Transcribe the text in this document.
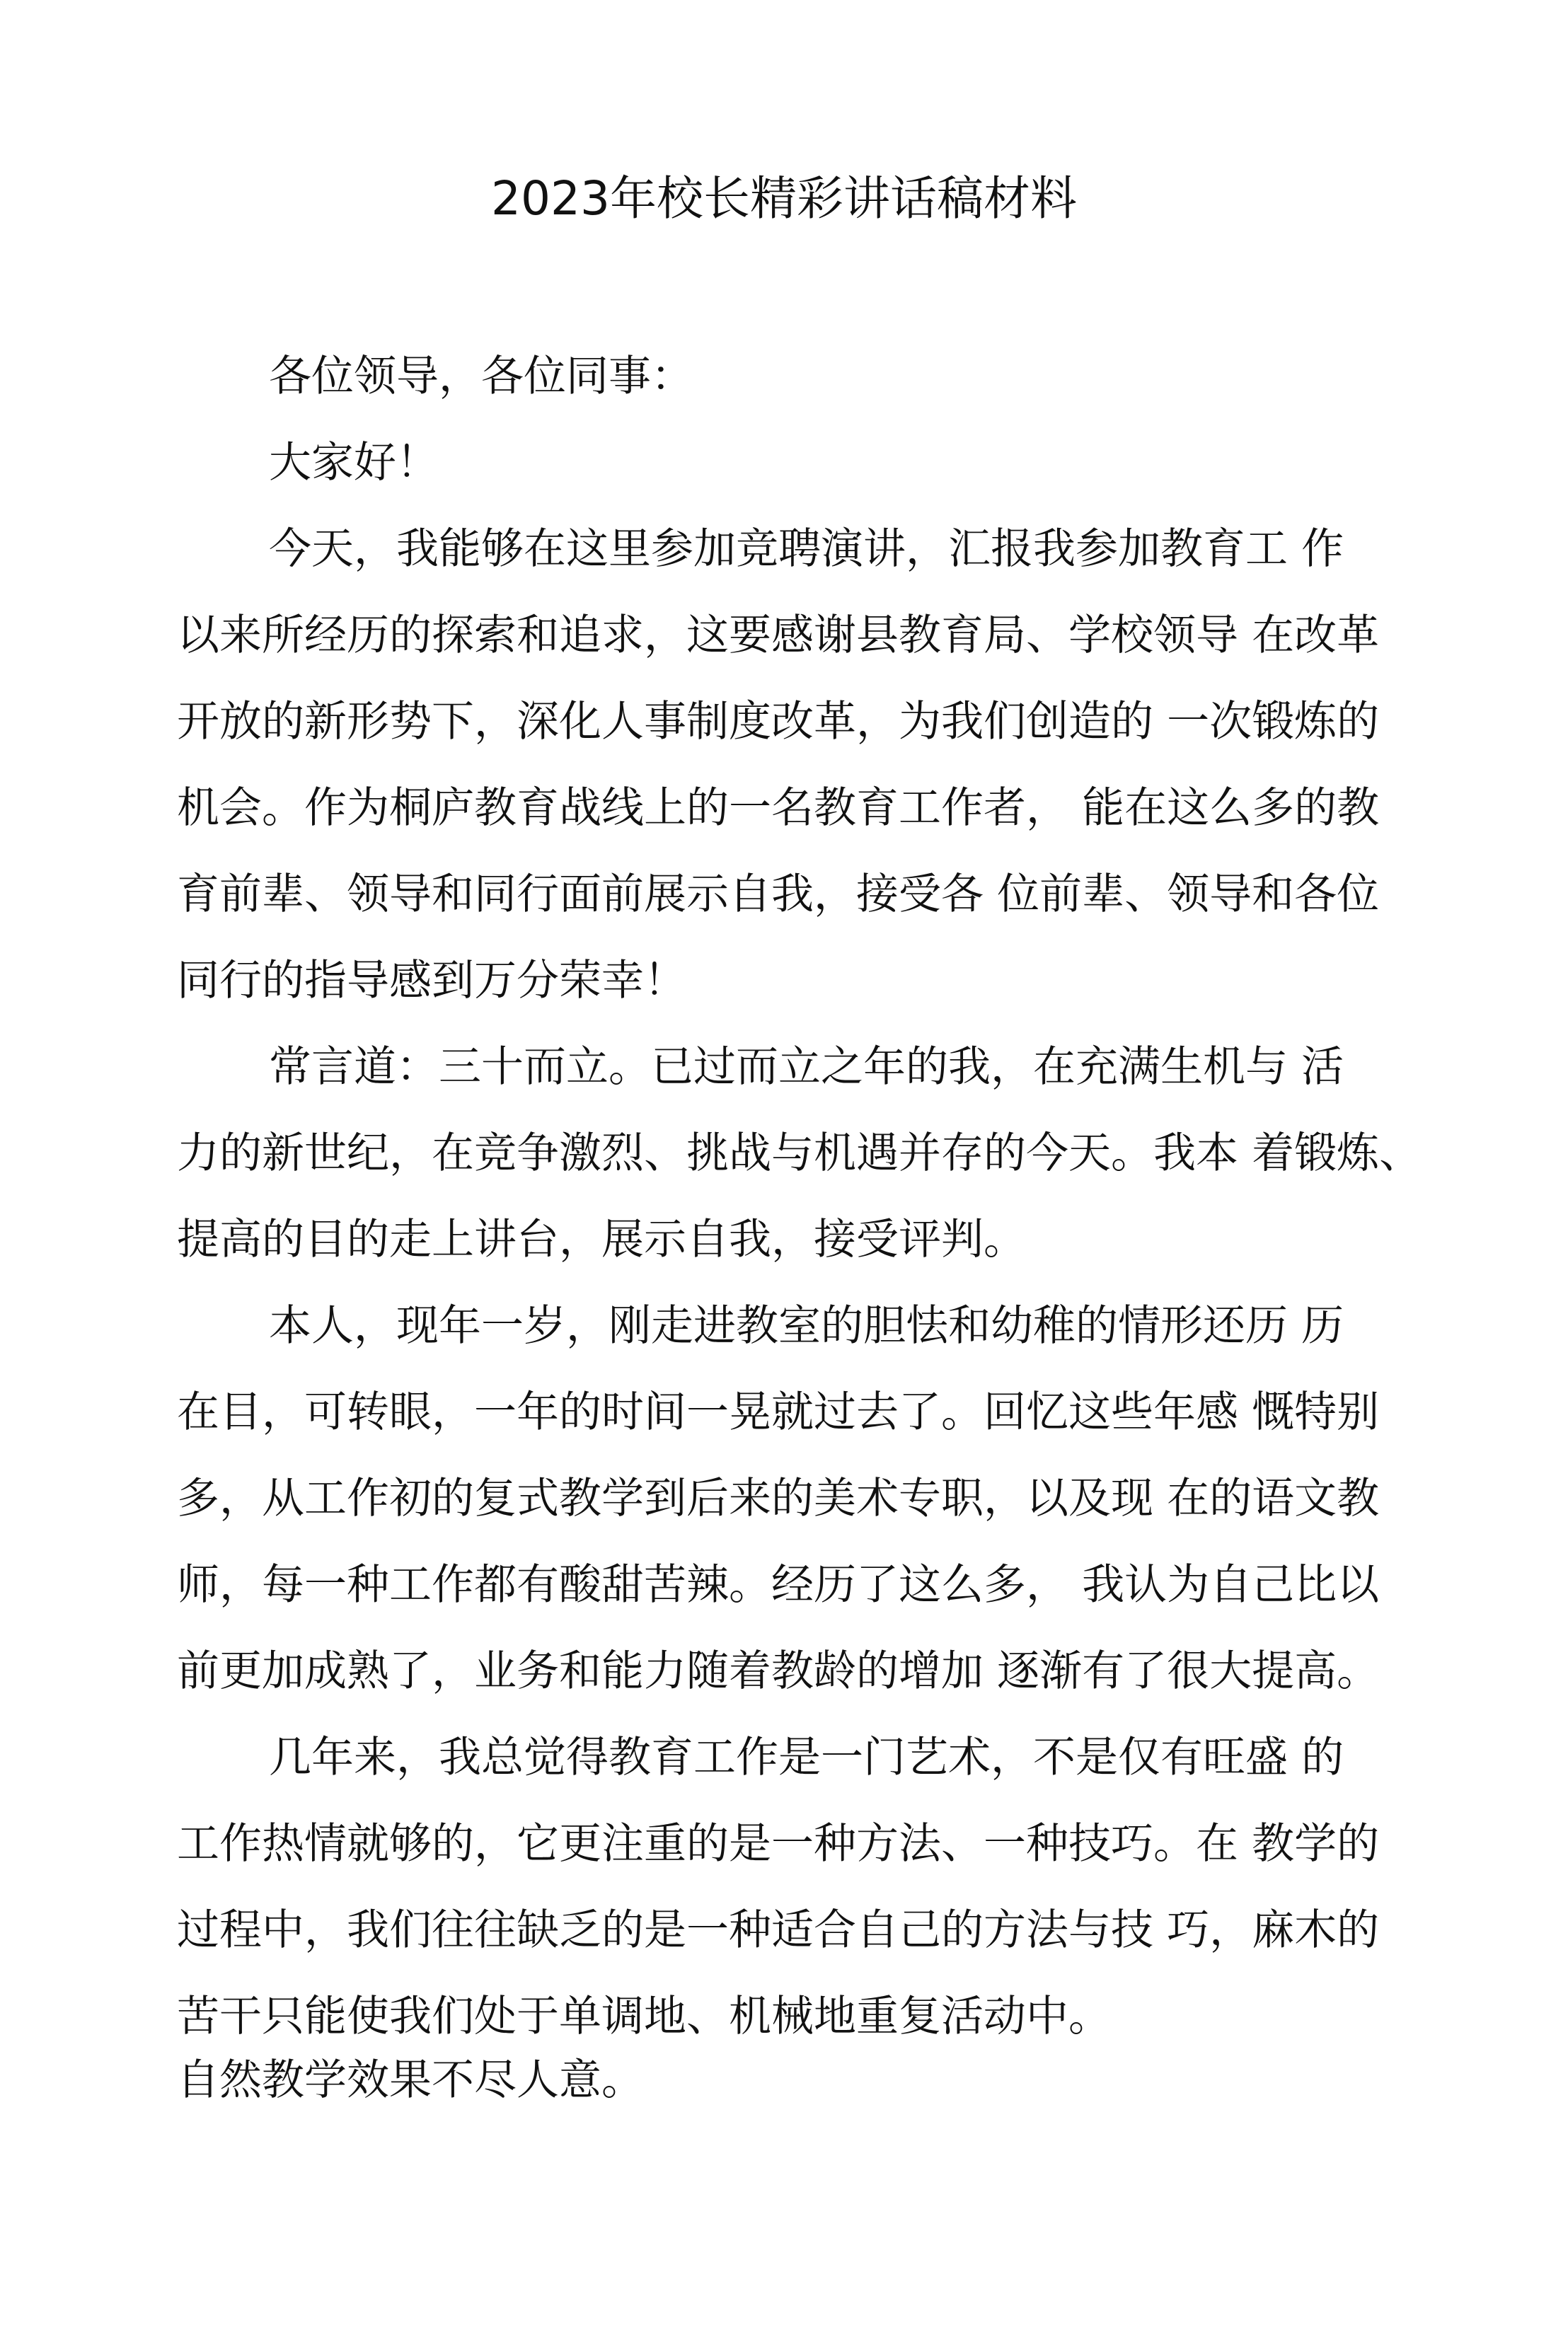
2023年校长精彩讲话稿材料
各位领导，各位同事：
大家好！
今天，我能够在这里参加竞聘演讲，汇报我参加教育工 作
以来所经历的探索和追求，这要感谢县教育局、学校领导 在改革
开放的新形势下，深化人事制度改革，为我们创造的 一次锻炼的
机会。作为桐庐教育战线上的一名教育工作者， 能在这么多的教
育前辈、领导和同行面前展示自我，接受各 位前辈、领导和各位
同行的指导感到万分荣幸！
常言道：三十而立。已过而立之年的我，在充满生机与 活
力的新世纪，在竞争激烈、挑战与机遇并存的今天。我本 着锻炼、
提高的目的走上讲台，展示自我，接受评判。
本人，现年一岁，刚走进教室的胆怯和幼稚的情形还历 历
在目，可转眼，一年的时间一晃就过去了。回忆这些年感 慨特别
多，从工作初的复式教学到后来的美术专职，以及现 在的语文教
师，每一种工作都有酸甜苦辣。经历了这么多， 我认为自己比以
前更加成熟了，业务和能力随着教龄的增加 逐渐有了很大提高。
几年来，我总觉得教育工作是一门艺术，不是仅有旺盛 的
工作热情就够的，它更注重的是一种方法、一种技巧。在 教学的
过程中，我们往往缺乏的是一种适合自己的方法与技 巧，麻木的
苦干只能使我们处于单调地、机械地重复活动中。
自然教学效果不尽人意。
